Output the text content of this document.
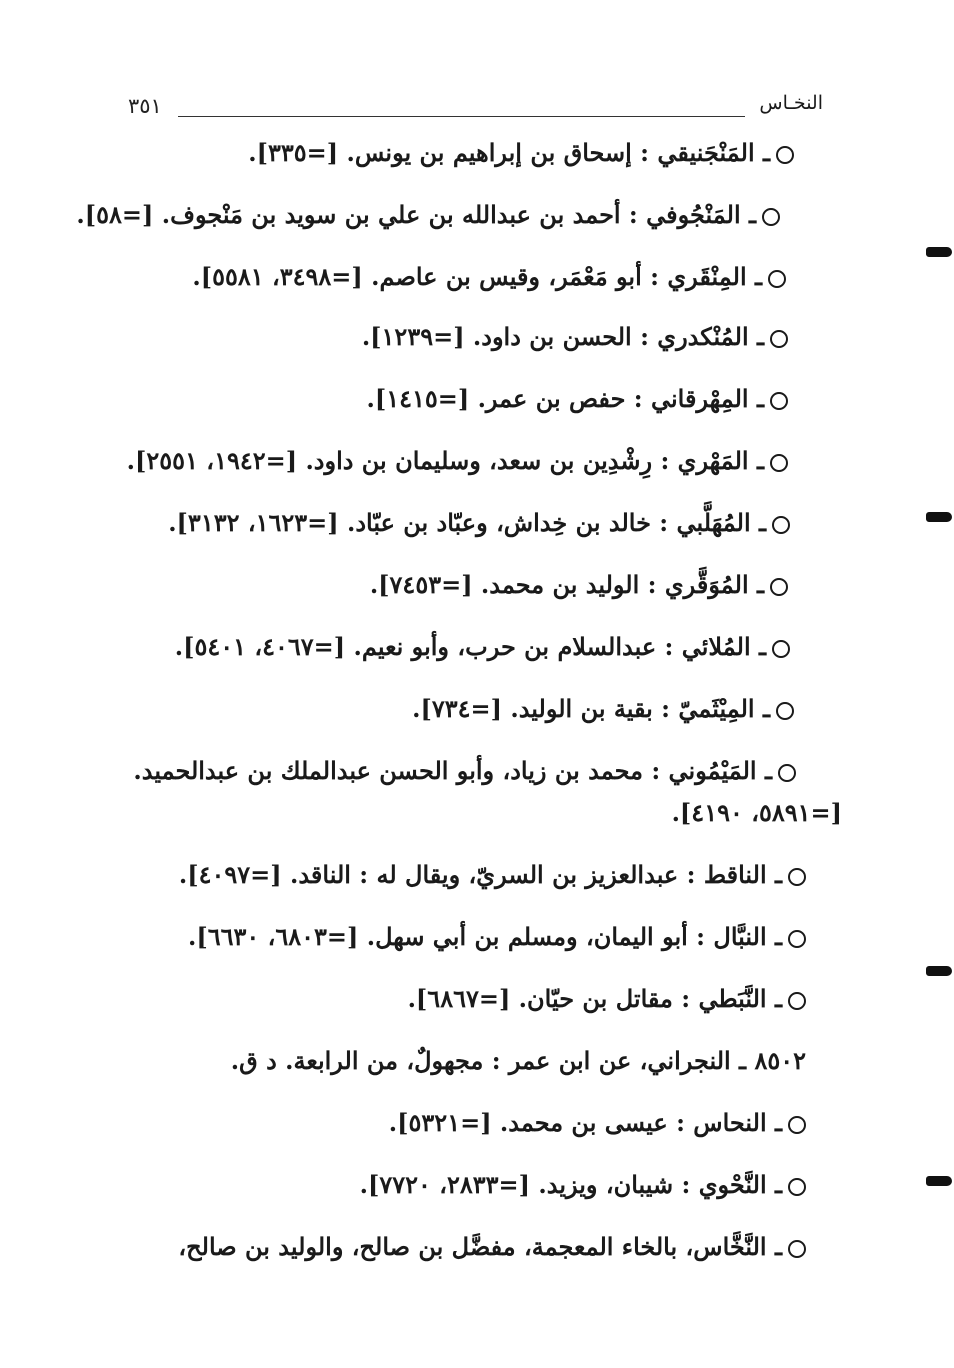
٣٥١	النخـاس
ـ المَنْجَنيقي : إسحاق بن إبراهيم بن يونس. [=٣٣٥].
ـ المَنْجُوفي : أحمد بن عبدالله بن علي بن سويد بن مَنْجوف. [=٥٨].
ـ المِنْقَري : أبو مَعْمَر، وقيس بن عاصم. [=٣٤٩٨، ٥٥٨١].
ـ المُنْكدري : الحسن بن داود. [=١٢٣٩].
ـ المِهْرقاني : حفص بن عمر. [=١٤١٥].
ـ المَهْري : رِشْدِين بن سعد، وسليمان بن داود. [=١٩٤٢، ٢٥٥١].
ـ المُهَلَّبي : خالد بن خِداش، وعبّاد بن عبّاد. [=١٦٢٣، ٣١٣٢].
ـ المُوَقَّري : الوليد بن محمد. [=٧٤٥٣].
ـ المُلائي : عبدالسلام بن حرب، وأبو نعيم. [=٤٠٦٧، ٥٤٠١].
ـ المِيْثَميّ : بقية بن الوليد. [=٧٣٤].
ـ المَيْمُوني : محمد بن زياد، وأبو الحسن عبدالملك بن عبدالحميد.
[=٥٨٩١، ٤١٩٠].
ـ الناقط : عبدالعزيز بن السريّ، ويقال له : الناقد. [=٤٠٩٧].
ـ النبَّال : أبو اليمان، ومسلم بن أبي سهل. [=٦٨٠٣، ٦٦٣٠].
ـ النَّبَطي : مقاتل بن حيّان. [=٦٨٦٧].
٨٥٠٢ ـ النجراني، عن ابن عمر : مجهولٌ، من الرابعة. د ق.
ـ النحاس : عيسى بن محمد. [=٥٣٢١].
ـ النَّحْوي : شيبان، ويزيد. [=٢٨٣٣، ٧٧٢٠].
ـ النَّخَّاس، بالخاء المعجمة، مفضَّل بن صالح، والوليد بن صالح،
